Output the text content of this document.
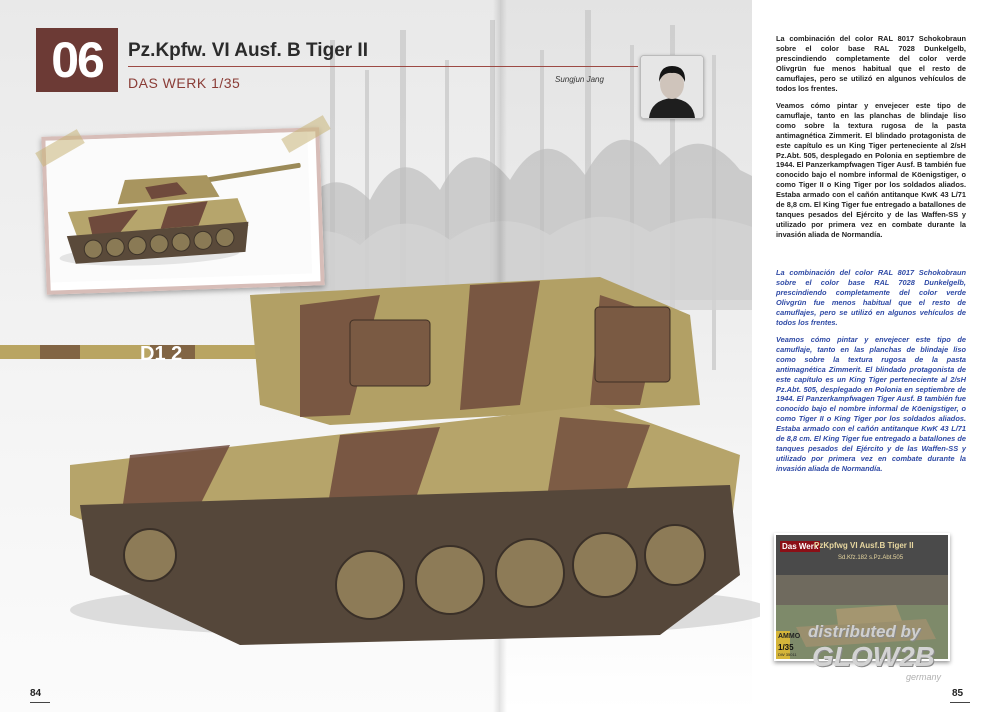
06	Pz.Kpfw. VI Ausf. B Tiger II
DAS WERK 1/35	Sungjun Jang
D1 2

La combinación del color RAL 8017 Schokobraun sobre el color base RAL 7028 Dunkelgelb, prescindiendo completamente del color verde Olivgrün fue menos habitual que el resto de camuflajes, pero se utilizó en algunos vehículos de todos los frentes.

Veamos cómo pintar y envejecer este tipo de camuflaje, tanto en las planchas de blindaje liso como sobre la textura rugosa de la pasta antimagnética Zimmerit. El blindado protagonista de este capítulo es un King Tiger perteneciente al 2/sH Pz.Abt. 505, desplegado en Polonia en septiembre de 1944. El Panzerkampfwagen Tiger Ausf. B también fue conocido bajo el nombre informal de Köenigstiger, o como Tiger II o King Tiger por los soldados aliados. Estaba armado con el cañón antitanque KwK 43 L/71 de 8,8 cm. El King Tiger fue entregado a batallones de tanques pesados del Ejército y de las Waffen-SS y utilizado por primera vez en combate durante la invasión aliada de Normandía.

La combinación del color RAL 8017 Schokobraun sobre el color base RAL 7028 Dunkelgelb, prescindiendo completamente del color verde Olivgrün fue menos habitual que el resto de camuflajes, pero se utilizó en algunos vehículos de todos los frentes.

Veamos cómo pintar y envejecer este tipo de camuflaje, tanto en las planchas de blindaje liso como sobre la textura rugosa de la pasta antimagnética Zimmerit. El blindado protagonista de este capítulo es un King Tiger perteneciente al 2/sH Pz.Abt. 505, desplegado en Polonia en septiembre de 1944. El Panzerkampfwagen Tiger Ausf. B también fue conocido bajo el nombre informal de Köenigstiger, o como Tiger II o King Tiger por los soldados aliados. Estaba armado con el cañón antitanque KwK 43 L/71 de 8,8 cm. El King Tiger fue entregado a batallones de tanques pesados del Ejército y de las Waffen-SS y utilizado por primera vez en combate durante la invasión aliada de Normandía.

Das Werk
PzKpfwg VI Ausf.B Tiger II
Sd.Kfz.182 s.Pz.Abt.505
AMMO
1/35
DW 35011
distributed by
GLOW2B
germany
84	85
